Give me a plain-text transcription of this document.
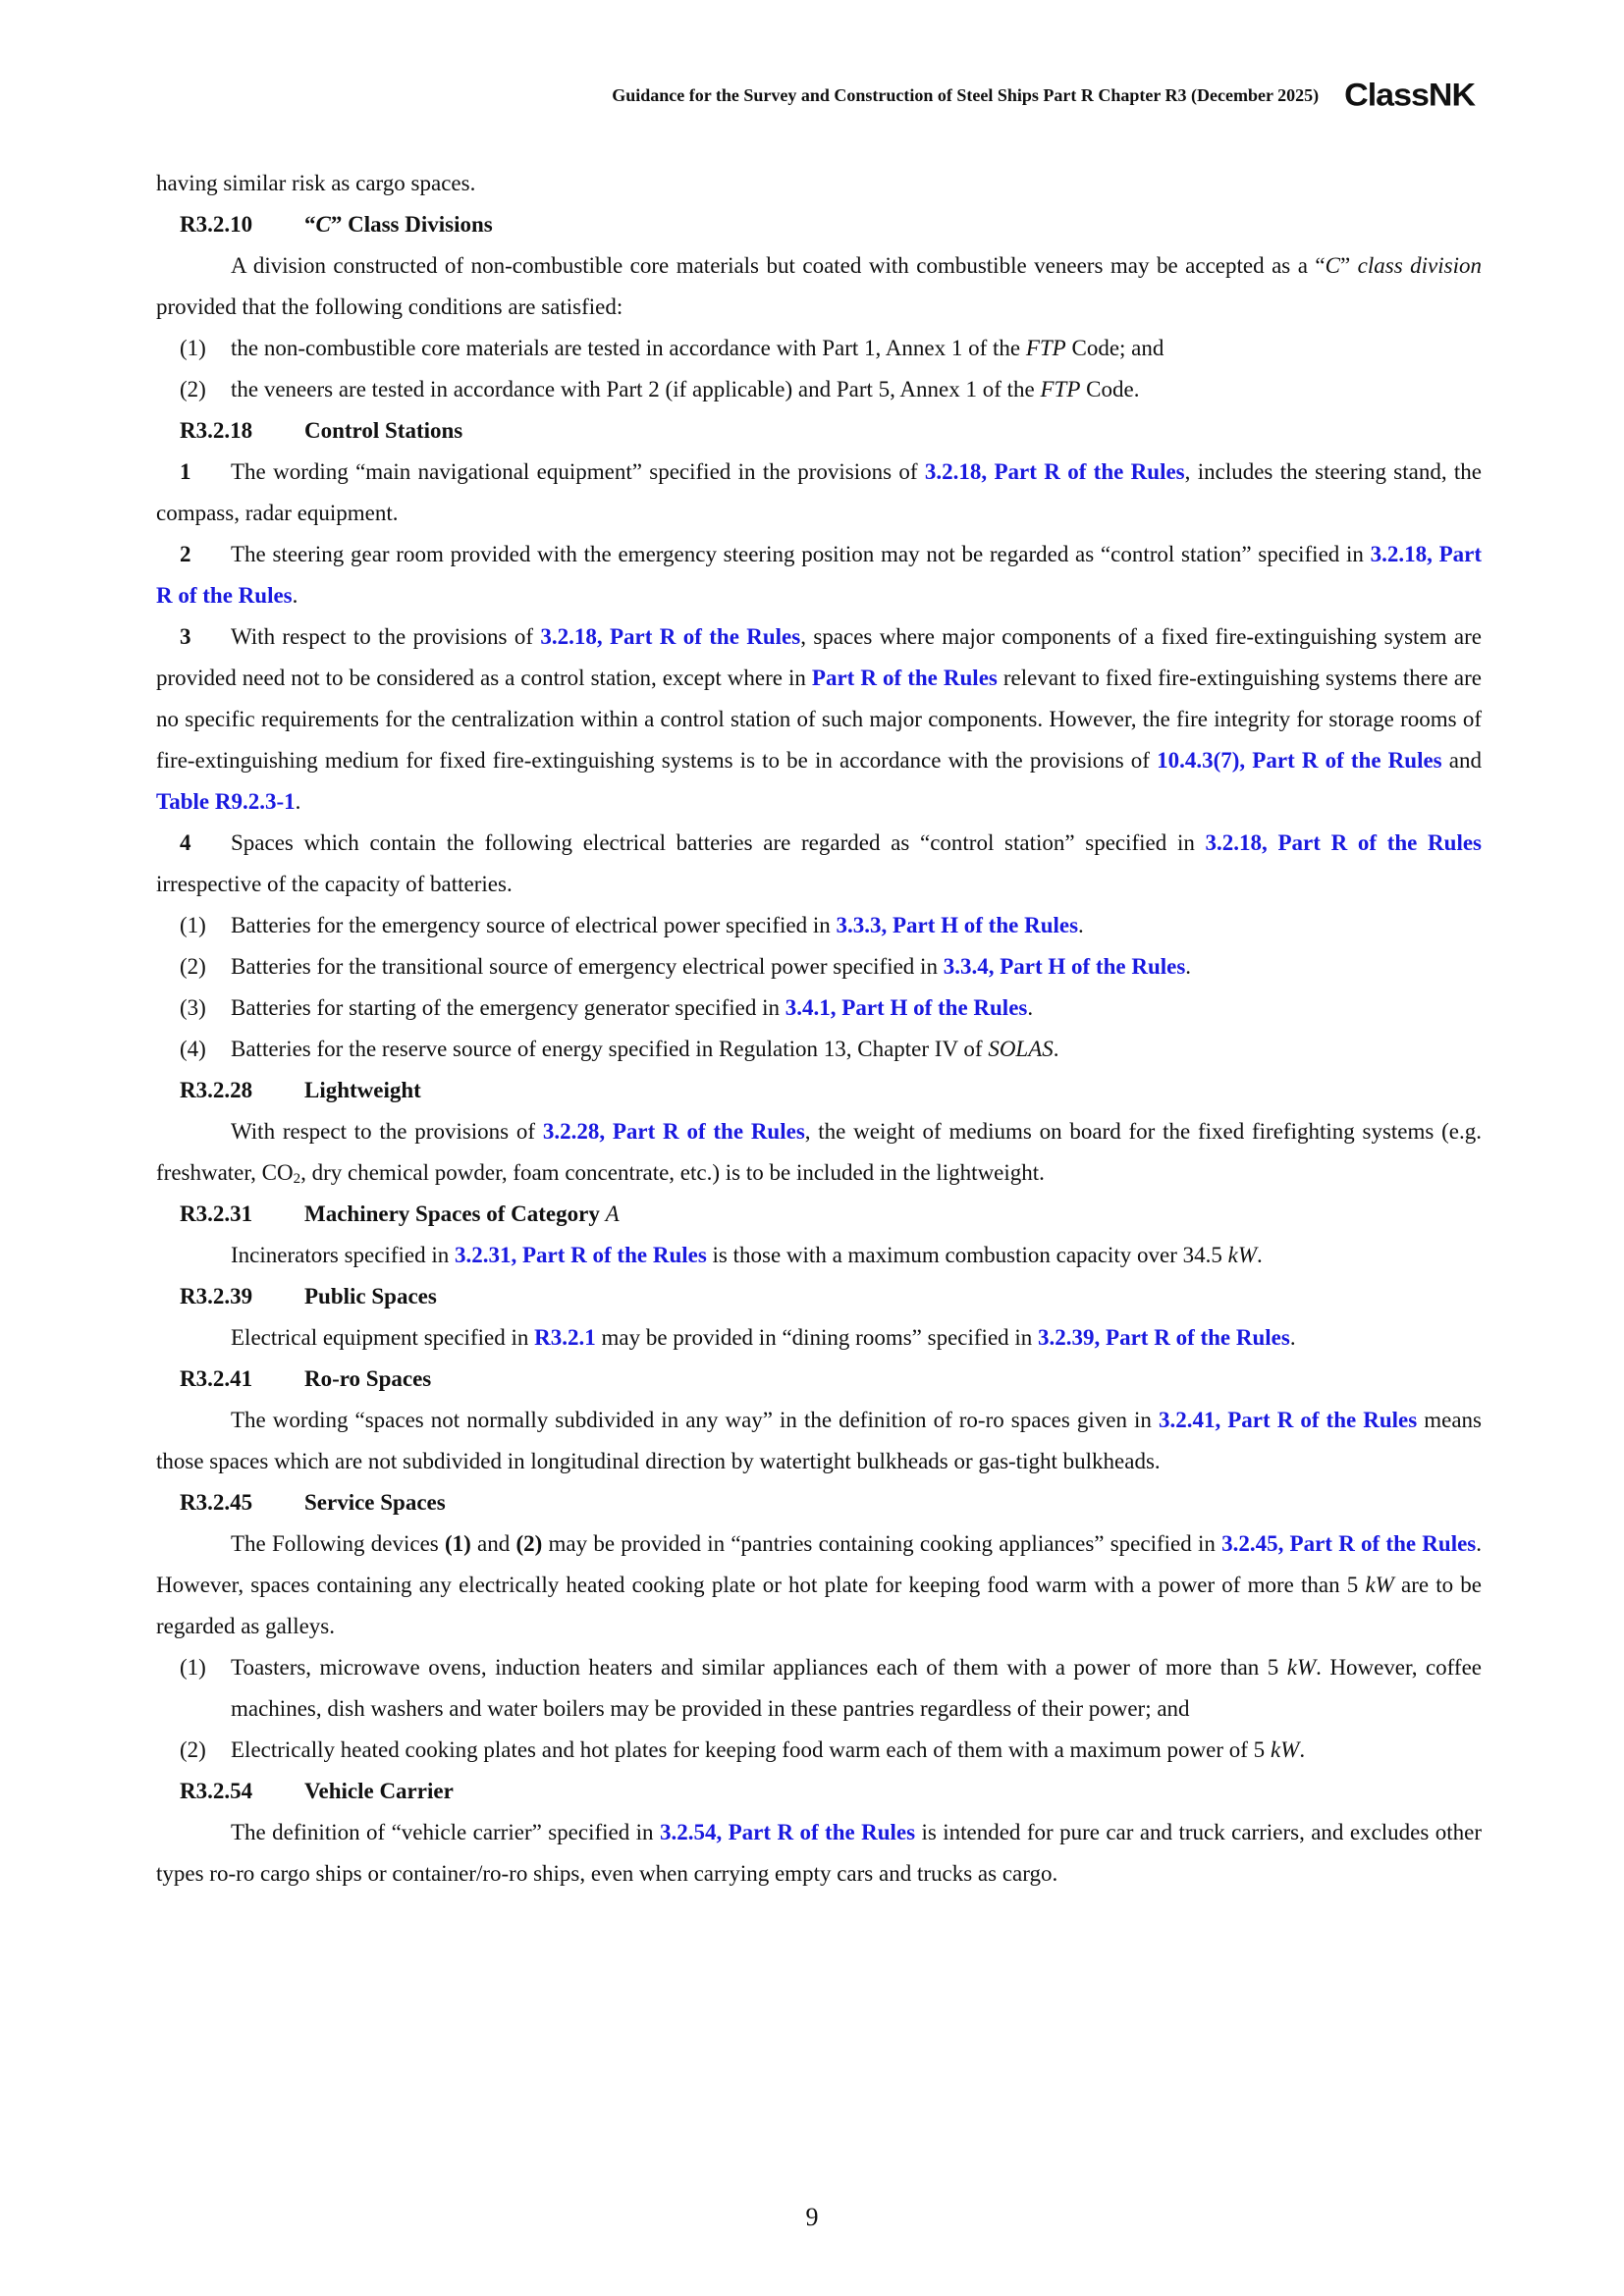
Guidance for the Survey and Construction of Steel Ships Part R Chapter R3 (December 2025) ClassNK

having similar risk as cargo spaces.

R3.2.10 “C” Class Divisions

A division constructed of non-combustible core materials but coated with combustible veneers may be accepted as a “C” class division provided that the following conditions are satisfied:

(1) the non-combustible core materials are tested in accordance with Part 1, Annex 1 of the FTP Code; and

(2) the veneers are tested in accordance with Part 2 (if applicable) and Part 5, Annex 1 of the FTP Code.

R3.2.18 Control Stations

1 The wording “main navigational equipment” specified in the provisions of 3.2.18, Part R of the Rules, includes the steering stand, the compass, radar equipment.

2 The steering gear room provided with the emergency steering position may not be regarded as “control station” specified in 3.2.18, Part R of the Rules.

3 With respect to the provisions of 3.2.18, Part R of the Rules, spaces where major components of a fixed fire-extinguishing system are provided need not to be considered as a control station, except where in Part R of the Rules relevant to fixed fire-extinguishing systems there are no specific requirements for the centralization within a control station of such major components. However, the fire integrity for storage rooms of fire-extinguishing medium for fixed fire-extinguishing systems is to be in accordance with the provisions of 10.4.3(7), Part R of the Rules and Table R9.2.3-1.

4 Spaces which contain the following electrical batteries are regarded as “control station” specified in 3.2.18, Part R of the Rules irrespective of the capacity of batteries.

(1) Batteries for the emergency source of electrical power specified in 3.3.3, Part H of the Rules.

(2) Batteries for the transitional source of emergency electrical power specified in 3.3.4, Part H of the Rules.

(3) Batteries for starting of the emergency generator specified in 3.4.1, Part H of the Rules.

(4) Batteries for the reserve source of energy specified in Regulation 13, Chapter IV of SOLAS.

R3.2.28 Lightweight

With respect to the provisions of 3.2.28, Part R of the Rules, the weight of mediums on board for the fixed firefighting systems (e.g. freshwater, $CO_2$, dry chemical powder, foam concentrate, etc.) is to be included in the lightweight.

R3.2.31 Machinery Spaces of Category A

Incinerators specified in 3.2.31, Part R of the Rules is those with a maximum combustion capacity over 34.5 kW.

R3.2.39 Public Spaces

Electrical equipment specified in R3.2.1 may be provided in “dining rooms” specified in 3.2.39, Part R of the Rules.

R3.2.41 Ro-ro Spaces

The wording “spaces not normally subdivided in any way” in the definition of ro-ro spaces given in 3.2.41, Part R of the Rules means those spaces which are not subdivided in longitudinal direction by watertight bulkheads or gas-tight bulkheads.

R3.2.45 Service Spaces

The Following devices (1) and (2) may be provided in “pantries containing cooking appliances” specified in 3.2.45, Part R of the Rules. However, spaces containing any electrically heated cooking plate or hot plate for keeping food warm with a power of more than 5 kW are to be regarded as galleys.

(1) Toasters, microwave ovens, induction heaters and similar appliances each of them with a power of more than 5 kW. However, coffee machines, dish washers and water boilers may be provided in these pantries regardless of their power; and

(2) Electrically heated cooking plates and hot plates for keeping food warm each of them with a maximum power of 5 kW.

R3.2.54 Vehicle Carrier

The definition of “vehicle carrier” specified in 3.2.54, Part R of the Rules is intended for pure car and truck carriers, and excludes other types ro-ro cargo ships or container/ro-ro ships, even when carrying empty cars and trucks as cargo.

9
